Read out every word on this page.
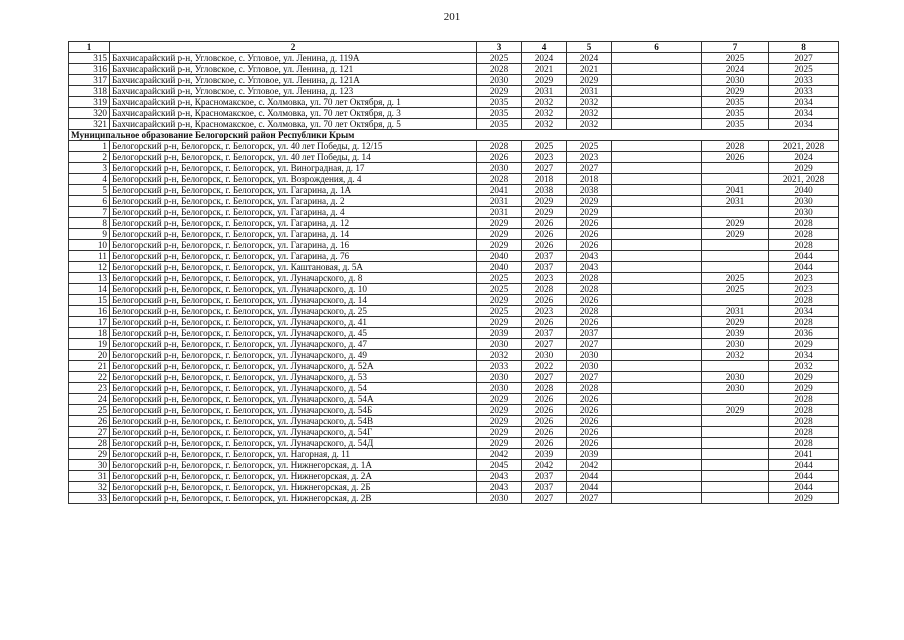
201
1	2	3	4	5	6	7	8
315	Бахчисарайский р-н, Угловское, с. Угловое, ул. Ленина, д. 119А	2025	2024	2024		2025	2027
316	Бахчисарайский р-н, Угловское, с. Угловое, ул. Ленина, д. 121	2028	2021	2021		2024	2025
317	Бахчисарайский р-н, Угловское, с. Угловое, ул. Ленина, д. 121А	2030	2029	2029		2030	2033
318	Бахчисарайский р-н, Угловское, с. Угловое, ул. Ленина, д. 123	2029	2031	2031		2029	2033
319	Бахчисарайский р-н, Красномакское, с. Холмовка, ул. 70 лет Октября, д. 1	2035	2032	2032		2035	2034
320	Бахчисарайский р-н, Красномакское, с. Холмовка, ул. 70 лет Октября, д. 3	2035	2032	2032		2035	2034
321	Бахчисарайский р-н, Красномакское, с. Холмовка, ул. 70 лет Октября, д. 5	2035	2032	2032		2035	2034
Муниципальное образование Белогорский район Республики Крым							
1	Белогорский р-н, Белогорск, г. Белогорск, ул. 40 лет Победы, д. 12/15	2028	2025	2025		2028	2021, 2028
2	Белогорский р-н, Белогорск, г. Белогорск, ул. 40 лет Победы, д. 14	2026	2023	2023		2026	2024
3	Белогорский р-н, Белогорск, г. Белогорск, ул. Виноградная, д. 17	2030	2027	2027			2029
4	Белогорский р-н, Белогорск, г. Белогорск, ул. Возрождения, д. 4	2028	2018	2018			2021, 2028
5	Белогорский р-н, Белогорск, г. Белогорск, ул. Гагарина, д. 1А	2041	2038	2038		2041	2040
6	Белогорский р-н, Белогорск, г. Белогорск, ул. Гагарина, д. 2	2031	2029	2029		2031	2030
7	Белогорский р-н, Белогорск, г. Белогорск, ул. Гагарина, д. 4	2031	2029	2029			2030
8	Белогорский р-н, Белогорск, г. Белогорск, ул. Гагарина, д. 12	2029	2026	2026		2029	2028
9	Белогорский р-н, Белогорск, г. Белогорск, ул. Гагарина, д. 14	2029	2026	2026		2029	2028
10	Белогорский р-н, Белогорск, г. Белогорск, ул. Гагарина, д. 16	2029	2026	2026			2028
11	Белогорский р-н, Белогорск, г. Белогорск, ул. Гагарина, д. 76	2040	2037	2043			2044
12	Белогорский р-н, Белогорск, г. Белогорск, ул. Каштановая, д. 5А	2040	2037	2043			2044
13	Белогорский р-н, Белогорск, г. Белогорск, ул. Луначарского, д. 8	2025	2023	2028		2025	2023
14	Белогорский р-н, Белогорск, г. Белогорск, ул. Луначарского, д. 10	2025	2028	2028		2025	2023
15	Белогорский р-н, Белогорск, г. Белогорск, ул. Луначарского, д. 14	2029	2026	2026			2028
16	Белогорский р-н, Белогорск, г. Белогорск, ул. Луначарского, д. 25	2025	2023	2028		2031	2034
17	Белогорский р-н, Белогорск, г. Белогорск, ул. Луначарского, д. 41	2029	2026	2026		2029	2028
18	Белогорский р-н, Белогорск, г. Белогорск, ул. Луначарского, д. 45	2039	2037	2037		2039	2036
19	Белогорский р-н, Белогорск, г. Белогорск, ул. Луначарского, д. 47	2030	2027	2027		2030	2029
20	Белогорский р-н, Белогорск, г. Белогорск, ул. Луначарского, д. 49	2032	2030	2030		2032	2034
21	Белогорский р-н, Белогорск, г. Белогорск, ул. Луначарского, д. 52А	2033	2022	2030			2032
22	Белогорский р-н, Белогорск, г. Белогорск, ул. Луначарского, д. 53	2030	2027	2027		2030	2029
23	Белогорский р-н, Белогорск, г. Белогорск, ул. Луначарского, д. 54	2030	2028	2028		2030	2029
24	Белогорский р-н, Белогорск, г. Белогорск, ул. Луначарского, д. 54А	2029	2026	2026			2028
25	Белогорский р-н, Белогорск, г. Белогорск, ул. Луначарского, д. 54Б	2029	2026	2026		2029	2028
26	Белогорский р-н, Белогорск, г. Белогорск, ул. Луначарского, д. 54В	2029	2026	2026			2028
27	Белогорский р-н, Белогорск, г. Белогорск, ул. Луначарского, д. 54Г	2029	2026	2026			2028
28	Белогорский р-н, Белогорск, г. Белогорск, ул. Луначарского, д. 54Д	2029	2026	2026			2028
29	Белогорский р-н, Белогорск, г. Белогорск, ул. Нагорная, д. 11	2042	2039	2039			2041
30	Белогорский р-н, Белогорск, г. Белогорск, ул. Нижнегорская, д. 1А	2045	2042	2042			2044
31	Белогорский р-н, Белогорск, г. Белогорск, ул. Нижнегорская, д. 2А	2043	2037	2044			2044
32	Белогорский р-н, Белогорск, г. Белогорск, ул. Нижнегорская, д. 2Б	2043	2037	2044			2044
33	Белогорский р-н, Белогорск, г. Белогорск, ул. Нижнегорская, д. 2В	2030	2027	2027			2029
